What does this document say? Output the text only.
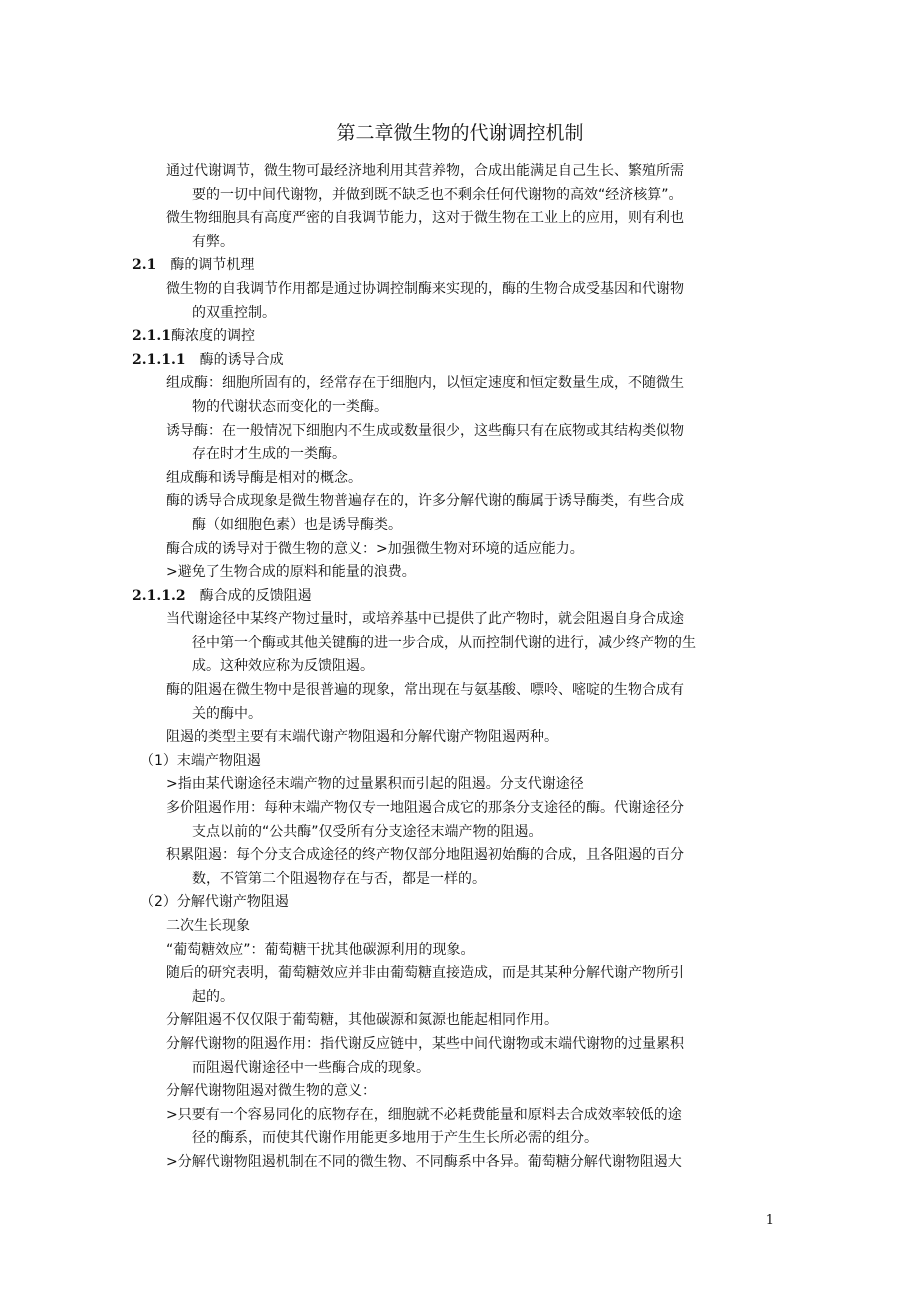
第二章微生物的代谢调控机制
通过代谢调节，微生物可最经济地利用其营养物，合成出能满足自己生长、繁殖所需
要的一切中间代谢物，并做到既不缺乏也不剩余任何代谢物的高效“经济核算”。
微生物细胞具有高度严密的自我调节能力，这对于微生物在工业上的应用，则有利也
有弊。
2.1 酶的调节机理
微生物的自我调节作用都是通过协调控制酶来实现的，酶的生物合成受基因和代谢物
的双重控制。
2.1.1酶浓度的调控
2.1.1.1 酶的诱导合成
组成酶：细胞所固有的，经常存在于细胞内，以恒定速度和恒定数量生成，不随微生
物的代谢状态而变化的一类酶。
诱导酶：在一般情况下细胞内不生成或数量很少，这些酶只有在底物或其结构类似物
存在时才生成的一类酶。
组成酶和诱导酶是相对的概念。
酶的诱导合成现象是微生物普遍存在的，许多分解代谢的酶属于诱导酶类，有些合成
酶（如细胞色素）也是诱导酶类。
酶合成的诱导对于微生物的意义：>加强微生物对环境的适应能力。
>避免了生物合成的原料和能量的浪费。
2.1.1.2 酶合成的反馈阻遏
当代谢途径中某终产物过量时，或培养基中已提供了此产物时，就会阻遏自身合成途
径中第一个酶或其他关键酶的进一步合成，从而控制代谢的进行，减少终产物的生
成。这种效应称为反馈阻遏。
酶的阻遏在微生物中是很普遍的现象，常出现在与氨基酸、嘌呤、嘧啶的生物合成有
关的酶中。
阻遏的类型主要有末端代谢产物阻遏和分解代谢产物阻遏两种。
（1）末端产物阻遏
>指由某代谢途径末端产物的过量累积而引起的阻遏。分支代谢途径
多价阻遏作用：每种末端产物仅专一地阻遏合成它的那条分支途径的酶。代谢途径分
支点以前的“公共酶”仅受所有分支途径末端产物的阻遏。
积累阻遏：每个分支合成途径的终产物仅部分地阻遏初始酶的合成，且各阻遏的百分
数，不管第二个阻遏物存在与否，都是一样的。
（2）分解代谢产物阻遏
二次生长现象
“葡萄糖效应”：葡萄糖干扰其他碳源利用的现象。
随后的研究表明，葡萄糖效应并非由葡萄糖直接造成，而是其某种分解代谢产物所引
起的。
分解阻遏不仅仅限于葡萄糖，其他碳源和氮源也能起相同作用。
分解代谢物的阻遏作用：指代谢反应链中，某些中间代谢物或末端代谢物的过量累积
而阻遏代谢途径中一些酶合成的现象。
分解代谢物阻遏对微生物的意义：
>只要有一个容易同化的底物存在，细胞就不必耗费能量和原料去合成效率较低的途
径的酶系，而使其代谢作用能更多地用于产生生长所必需的组分。
>分解代谢物阻遏机制在不同的微生物、不同酶系中各异。葡萄糖分解代谢物阻遏大
1
